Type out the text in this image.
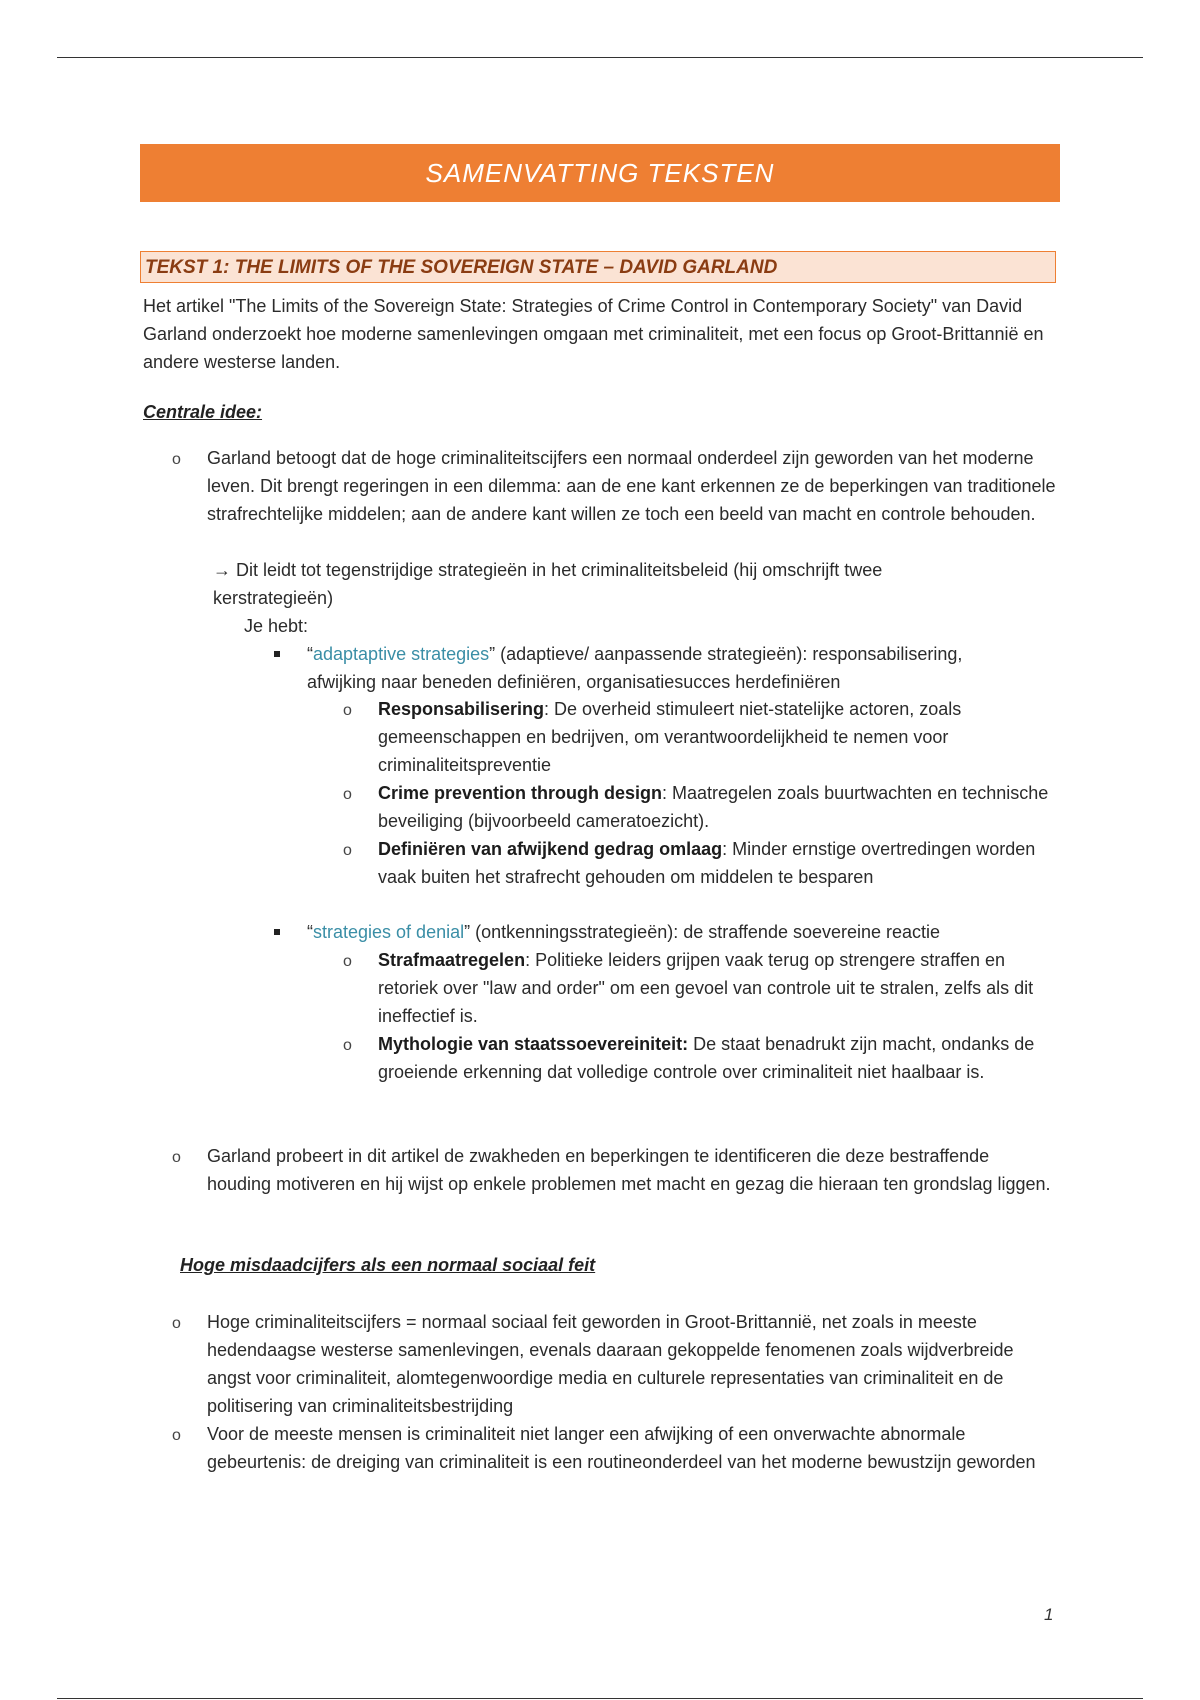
SAMENVATTING TEKSTEN
TEKST 1: THE LIMITS OF THE SOVEREIGN STATE – DAVID GARLAND
Het artikel "The Limits of the Sovereign State: Strategies of Crime Control in Contemporary Society" van David Garland onderzoekt hoe moderne samenlevingen omgaan met criminaliteit, met een focus op Groot-Brittannië en andere westerse landen.
Centrale idee:
o Garland betoogt dat de hoge criminaliteitscijfers een normaal onderdeel zijn geworden van het moderne leven. Dit brengt regeringen in een dilemma: aan de ene kant erkennen ze de beperkingen van traditionele strafrechtelijke middelen; aan de andere kant willen ze toch een beeld van macht en controle behouden.
→ Dit leidt tot tegenstrijdige strategieën in het criminaliteitsbeleid (hij omschrijft twee
kerstrategieën)
Je hebt:
“adaptaptive strategies” (adaptieve/ aanpassende strategieën): responsabilisering,
afwijking naar beneden definiëren, organisatiesucces herdefiniëren
o Responsabilisering: De overheid stimuleert niet-statelijke actoren, zoals gemeenschappen en bedrijven, om verantwoordelijkheid te nemen voor criminaliteitspreventie
o Crime prevention through design: Maatregelen zoals buurtwachten en technische beveiliging (bijvoorbeeld cameratoezicht).
o Definiëren van afwijkend gedrag omlaag: Minder ernstige overtredingen worden vaak buiten het strafrecht gehouden om middelen te besparen
“strategies of denial” (ontkenningsstrategieën): de straffende soevereine reactie
o Strafmaatregelen: Politieke leiders grijpen vaak terug op strengere straffen en retoriek over "law and order" om een gevoel van controle uit te stralen, zelfs als dit ineffectief is.
o Mythologie van staatssoevereiniteit: De staat benadrukt zijn macht, ondanks de groeiende erkenning dat volledige controle over criminaliteit niet haalbaar is.
o Garland probeert in dit artikel de zwakheden en beperkingen te identificeren die deze bestraffende houding motiveren en hij wijst op enkele problemen met macht en gezag die hieraan ten grondslag liggen.
Hoge misdaadcijfers als een normaal sociaal feit
o Hoge criminaliteitscijfers = normaal sociaal feit geworden in Groot-Brittannië, net zoals in meeste hedendaagse westerse samenlevingen, evenals daaraan gekoppelde fenomenen zoals wijdverbreide angst voor criminaliteit, alomtegenwoordige media en culturele representaties van criminaliteit en de politisering van criminaliteitsbestrijding
o Voor de meeste mensen is criminaliteit niet langer een afwijking of een onverwachte abnormale gebeurtenis: de dreiging van criminaliteit is een routineonderdeel van het moderne bewustzijn geworden
1
